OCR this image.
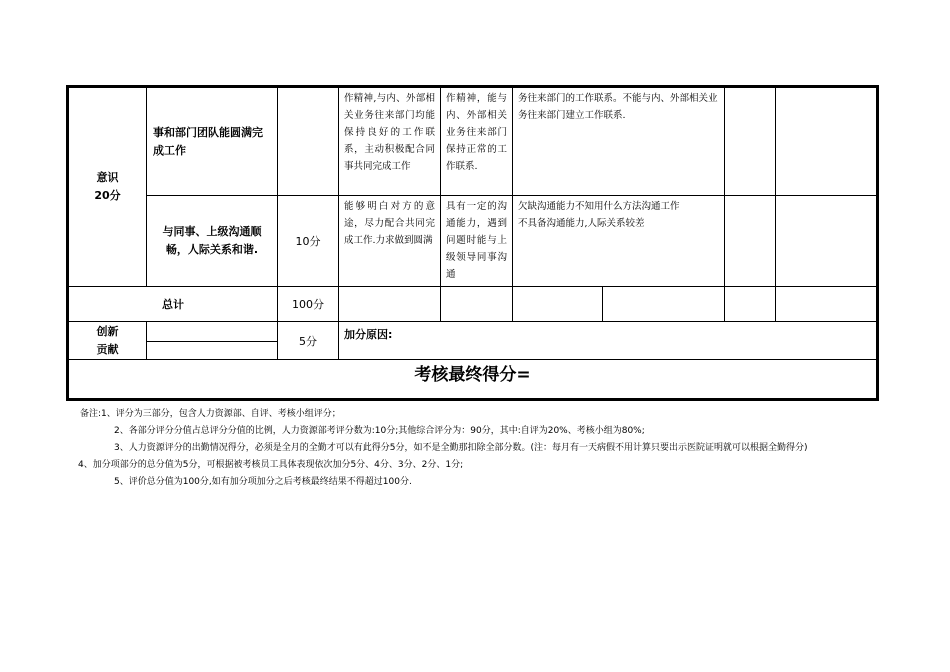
意识
20分	事和部门团队能圆满完成工作		作精神,与内、外部相关业务往来部门均能保持良好的工作联系，主动积极配合同事共同完成工作	作精神，能与内、外部相关业务往来部门保持正常的工作联系.	务往来部门的工作联系。不能与内、外部相关业务往来部门建立工作联系.			
	与同事、上级沟通顺畅，人际关系和谐.	10分	能够明白对方的意途，尽力配合共同完成工作.力求做到圆满	具有一定的沟通能力，遇到问题时能与上级领导同事沟通	欠缺沟通能力不知用什么方法沟通工作
不具备沟通能力,人际关系较差			

总计		100分						

创新
贡献		5分	加分原因:					

考核最终得分=								
备注:1、评分为三部分，包含人力资源部、自评、考核小组评分；
2、各部分评分分值占总评分分值的比例，人力资源部考评分数为:10分;其他综合评分为：90分，其中:自评为20%、考核小组为80%;
3、人力资源评分的出勤情况得分，必须是全月的全勤才可以有此得分5分，如不是全勤那扣除全部分数。(注：每月有一天病假不用计算只要出示医院证明就可以根据全勤得分)
4、加分项部分的总分值为5分，可根据被考核员工具体表现依次加分5分、4分、3分、2分、1分;
5、评价总分值为100分,如有加分项加分之后考核最终结果不得超过100分.
